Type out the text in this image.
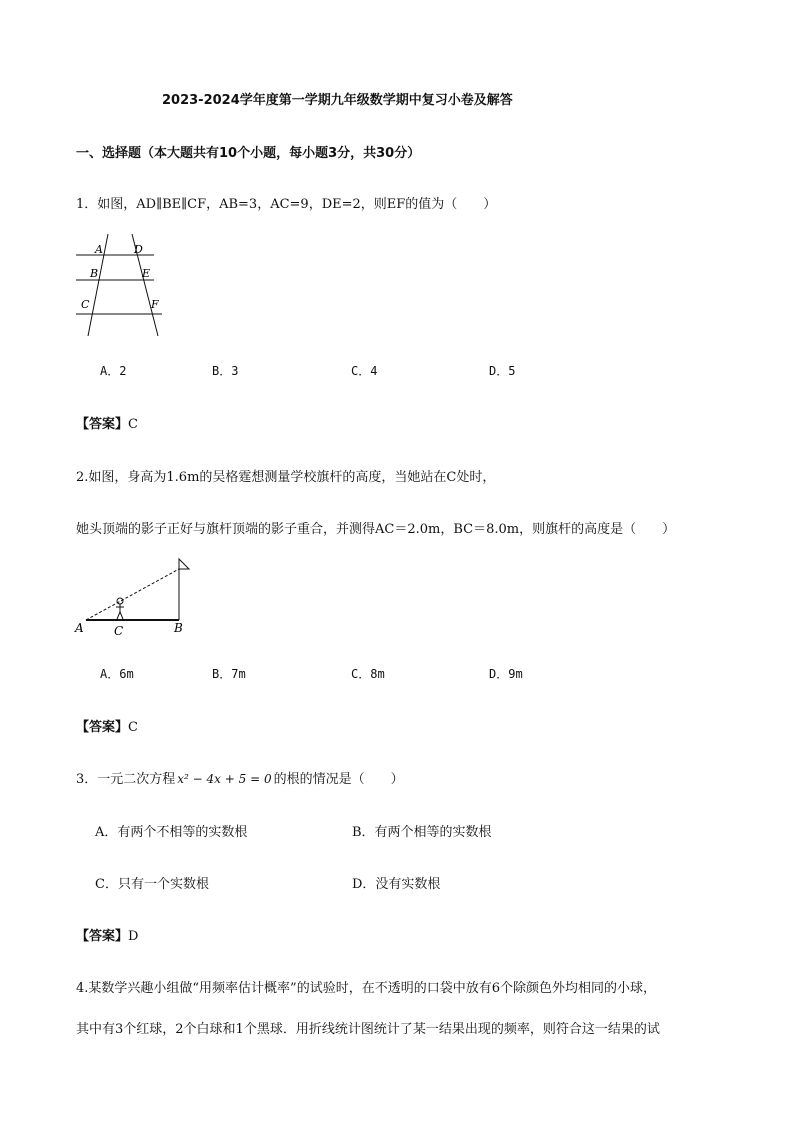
2023-2024学年度第一学期九年级数学期中复习小卷及解答
一、选择题（本大题共有10个小题，每小题3分，共30分）
1．如图，AD∥BE∥CF，AB=3，AC=9，DE=2，则EF的值为（　　）
A	D
B	E
C	F
A．2	B．3	C．4	D．5
【答案】C
2.如图，身高为1.6m的吴格霆想测量学校旗杆的高度，当她站在C处时，
她头顶端的影子正好与旗杆顶端的影子重合，并测得AC＝2.0m，BC＝8.0m，则旗杆的高度是（　　）
A	C	B
A．6m	B．7m	C．8m	D．9m
【答案】C
3．一元二次方程 x² − 4x + 5 = 0 的根的情况是（　　）
A．有两个不相等的实数根	B．有两个相等的实数根
C．只有一个实数根	D．没有实数根
【答案】D
4.某数学兴趣小组做“用频率估计概率”的试验时，在不透明的口袋中放有6个除颜色外均相同的小球，
其中有3个红球，2个白球和1个黑球．用折线统计图统计了某一结果出现的频率，则符合这一结果的试
